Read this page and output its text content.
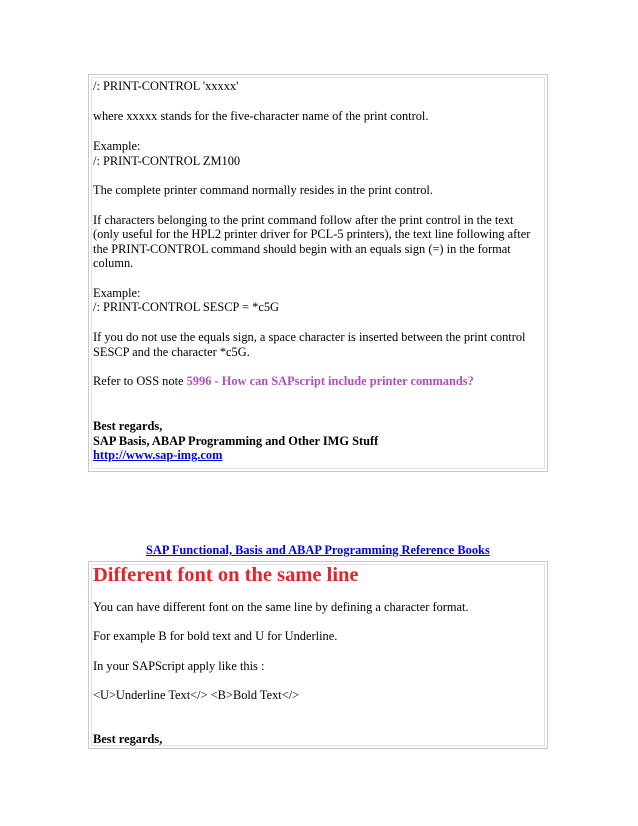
/: PRINT-CONTROL 'xxxxx'

where xxxxx stands for the five-character name of the print control.

Example:

/: PRINT-CONTROL ZM100

The complete printer command normally resides in the print control.

If characters belonging to the print command follow after the print control in the text

(only useful for the HPL2 printer driver for PCL-5 printers), the text line following after

the PRINT-CONTROL command should begin with an equals sign (=) in the format

column.

Example:

/: PRINT-CONTROL SESCP = *c5G

If you do not use the equals sign, a space character is inserted between the print control

SESCP and the character *c5G.

Refer to OSS note 5996 - How can SAPscript include printer commands?

Best regards,

SAP Basis, ABAP Programming and Other IMG Stuff

http://www.sap-img.com

SAP Functional, Basis and ABAP Programming Reference Books

Different font on the same line

You can have different font on the same line by defining a character format.

For example B for bold text and U for Underline.

In your SAPScript apply like this :

<U>Underline Text</> <B>Bold Text</>

Best regards,
